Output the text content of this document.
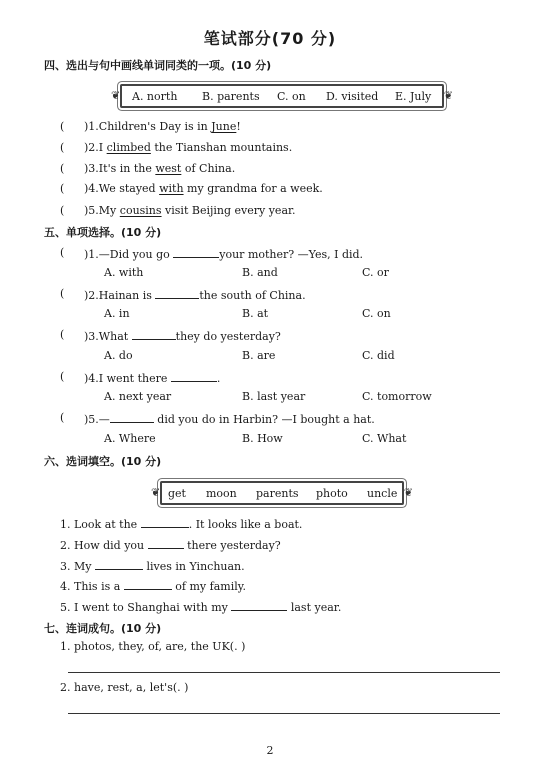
笔试部分(70 分)
四、选出与句中画线单词同类的一项。(10 分)
❦ A. north B. parents C. on D. visited E. July ❦
( )1.Children's Day is in June!
( )2.I climbed the Tianshan mountains.
( )3.It's in the west of China.
( )4.We stayed with my grandma for a week.
( )5.My cousins visit Beijing every year.
五、单项选择。(10 分)
( )1.—Did you go	your mother? —Yes, I did.
A. with	B. and	C. or
( )2.Hainan is	the south of China.
A. in	B. at	C. on
( )3.What	they do yesterday?
A. do	B. are	C. did
( )4.I went there	.
A. next year	B. last year	C. tomorrow
( )5.—	did you do in Harbin? —I bought a hat.
A. Where	B. How	C. What
六、选词填空。(10 分)
❦ get moon parents photo uncle ❦
1. Look at the	. It looks like a boat.
2. How did you	there yesterday?
3. My	lives in Yinchuan.
4. This is a	of my family.
5. I went to Shanghai with my	last year.
七、连词成句。(10 分)
1. photos, they, of, are, the UK(. )
2. have, rest, a, let's(. )
2
